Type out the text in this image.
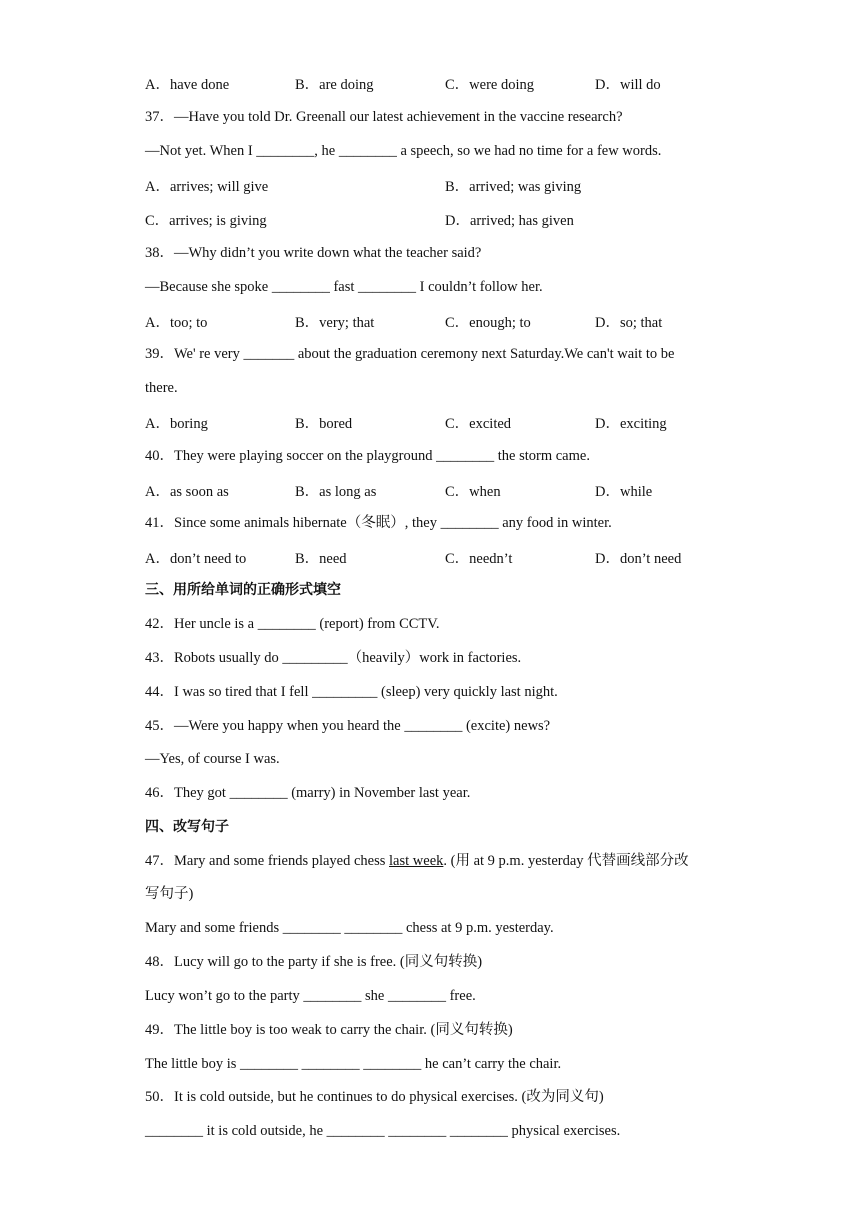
A．have done	B．are doing	C．were doing	D．will do
37．—Have you told Dr. Greenall our latest achievement in the vaccine research?
—Not yet. When I ________, he ________ a speech, so we had no time for a few words.
A．arrives; will give	B．arrived; was giving
C．arrives; is giving	D．arrived; has given
38．—Why didn’t you write down what the teacher said?
—Because she spoke ________ fast ________ I couldn’t follow her.
A．too; to	B．very; that	C．enough; to	D．so; that
39．We' re very _______ about the graduation ceremony next Saturday.We can't wait to be
there.
A．boring	B．bored	C．excited	D．exciting
40．They were playing soccer on the playground ________ the storm came.
A．as soon as	B．as long as	C．when	D．while
41．Since some animals hibernate（冬眠）, they ________ any food in winter.
A．don’t need to	B．need	C．needn’t	D．don’t need
三、用所给单词的正确形式填空
42．Her uncle is a ________ (report) from CCTV.
43．Robots usually do _________（heavily）work in factories.
44．I was so tired that I fell _________ (sleep) very quickly last night.
45．—Were you happy when you heard the ________ (excite) news?
—Yes, of course I was.
46．They got ________ (marry) in November last year.
四、改写句子
47．Mary and some friends played chess last week. (用 at 9 p.m. yesterday 代替画线部分改
写句子)
Mary and some friends ________ ________ chess at 9 p.m. yesterday.
48．Lucy will go to the party if she is free. (同义句转换)
Lucy won’t go to the party ________ she ________ free.
49．The little boy is too weak to carry the chair. (同义句转换)
The little boy is ________ ________ ________ he can’t carry the chair.
50．It is cold outside, but he continues to do physical exercises. (改为同义句)
________ it is cold outside, he ________ ________ ________ physical exercises.
